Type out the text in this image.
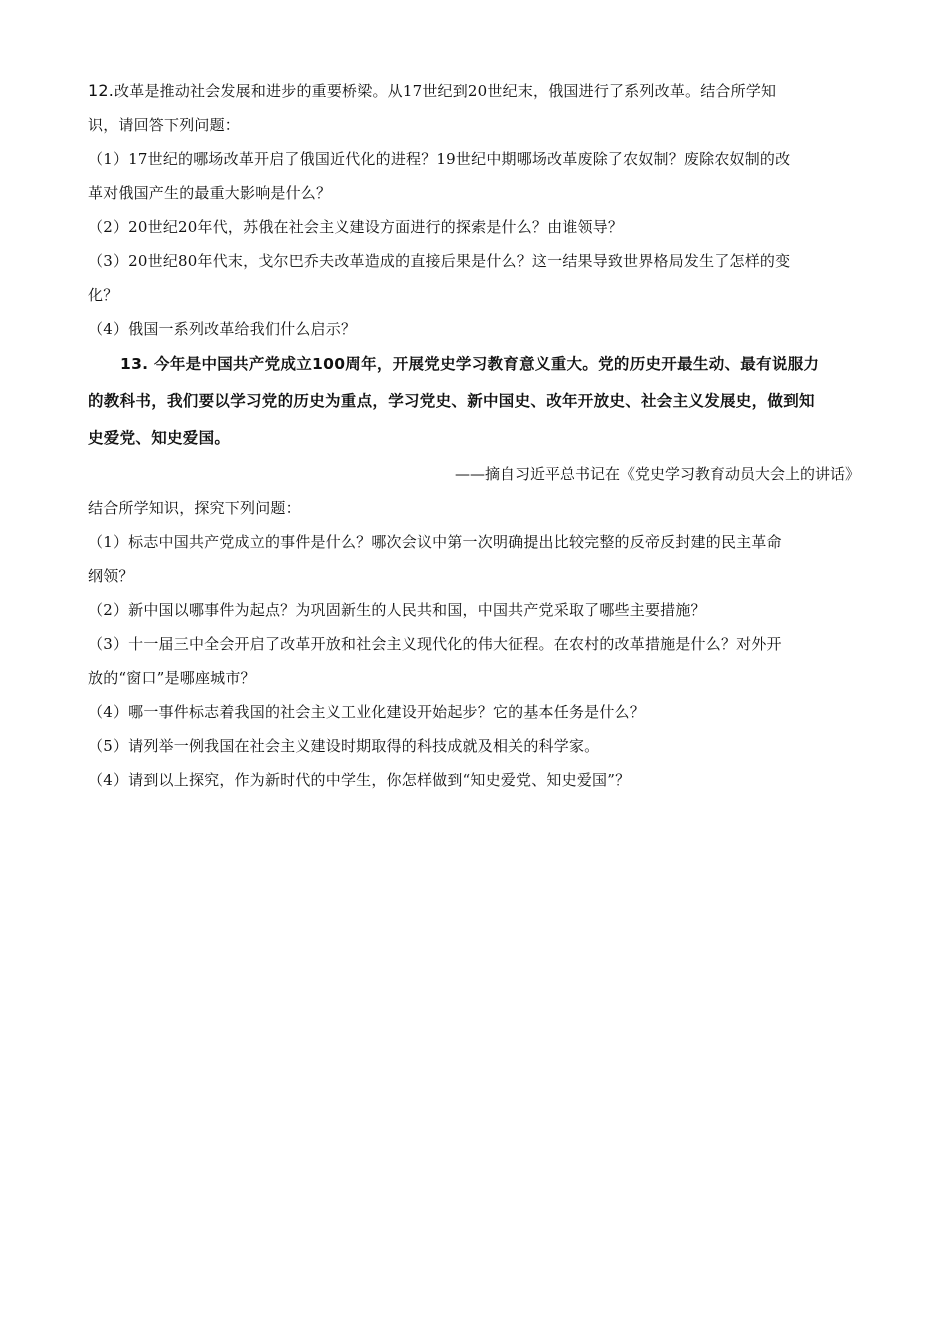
12.改革是推动社会发展和进步的重要桥梁。从17世纪到20世纪末，俄国进行了系列改革。结合所学知
识，请回答下列问题：
（1）17世纪的哪场改革开启了俄国近代化的进程？19世纪中期哪场改革废除了农奴制？废除农奴制的改
革对俄国产生的最重大影响是什么？
（2）20世纪20年代，苏俄在社会主义建设方面进行的探索是什么？由谁领导？
（3）20世纪80年代末，戈尔巴乔夫改革造成的直接后果是什么？这一结果导致世界格局发生了怎样的变
化？
（4）俄国一系列改革给我们什么启示？
13. 今年是中国共产党成立100周年，开展党史学习教育意义重大。党的历史开最生动、最有说服力
的教科书，我们要以学习党的历史为重点，学习党史、新中国史、改年开放史、社会主义发展史，做到知
史爱党、知史爱国。
——摘自习近平总书记在《党史学习教育动员大会上的讲话》
结合所学知识，探究下列问题：
（1）标志中国共产党成立的事件是什么？哪次会议中第一次明确提出比较完整的反帝反封建的民主革命
纲领？
（2）新中国以哪事件为起点？为巩固新生的人民共和国，中国共产党采取了哪些主要措施？
（3）十一届三中全会开启了改革开放和社会主义现代化的伟大征程。在农村的改革措施是什么？对外开
放的“窗口”是哪座城市？
（4）哪一事件标志着我国的社会主义工业化建设开始起步？它的基本任务是什么？
（5）请列举一例我国在社会主义建设时期取得的科技成就及相关的科学家。
（4）请到以上探究，作为新时代的中学生，你怎样做到“知史爱党、知史爱国”？
